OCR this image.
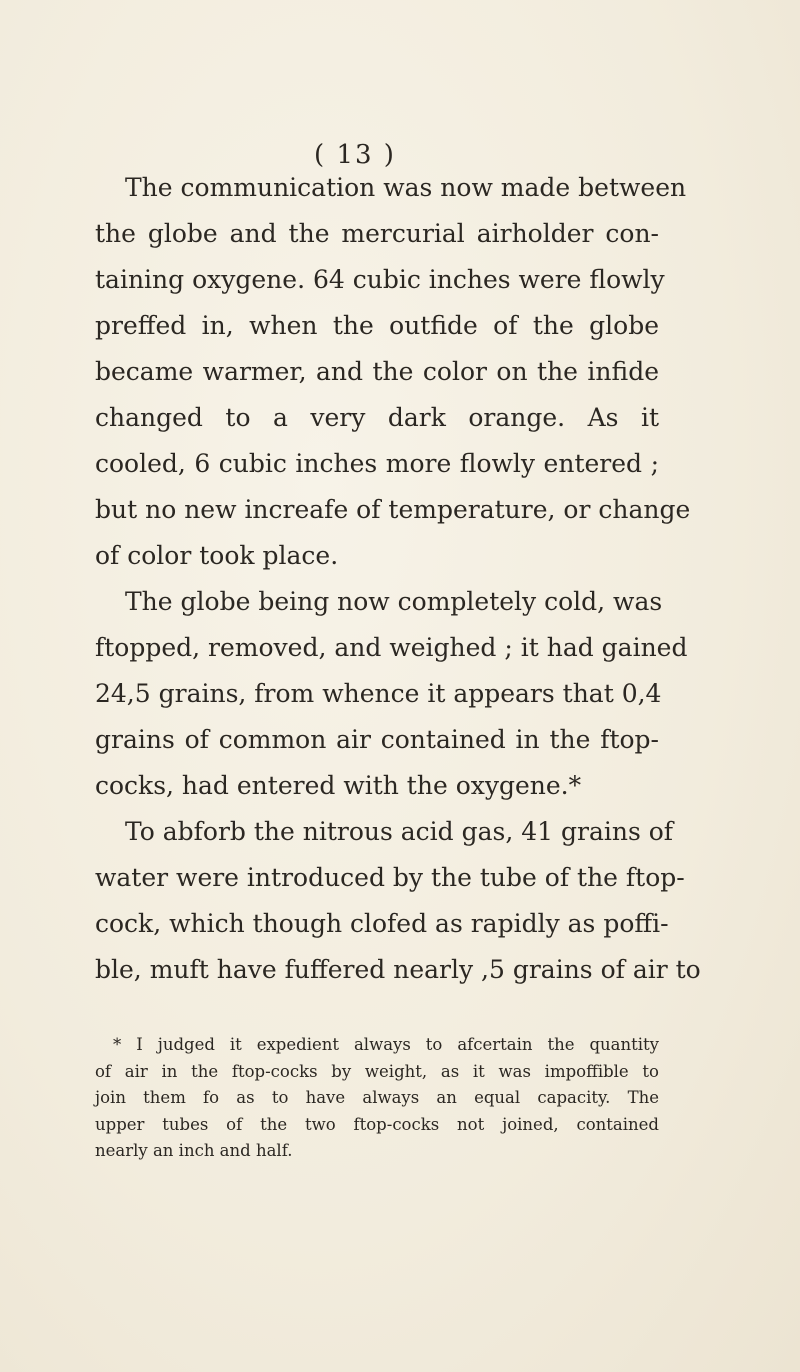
( 13 )
The communication was now made between
the globe and the mercurial airholder con-
taining oxygene. 64 cubic inches were flowly
preffed in, when the outfide of the globe
became warmer, and the color on the infide
changed to a very dark orange. As it
cooled, 6 cubic inches more flowly entered ;
but no new increafe of temperature, or change
of color took place.
The globe being now completely cold, was
ftopped, removed, and weighed ; it had gained
24,5 grains, from whence it appears that 0,4
grains of common air contained in the ftop-
cocks, had entered with the oxygene.*
To abforb the nitrous acid gas, 41 grains of
water were introduced by the tube of the ftop-
cock, which though clofed as rapidly as poffi-
ble, muft have fuffered nearly ,5 grains of air to
* I judged it expedient always to afcertain the quantity
of air in the ftop-cocks by weight, as it was impoffible to
join them fo as to have always an equal capacity. The
upper tubes of the two ftop-cocks not joined, contained
nearly an inch and half.
